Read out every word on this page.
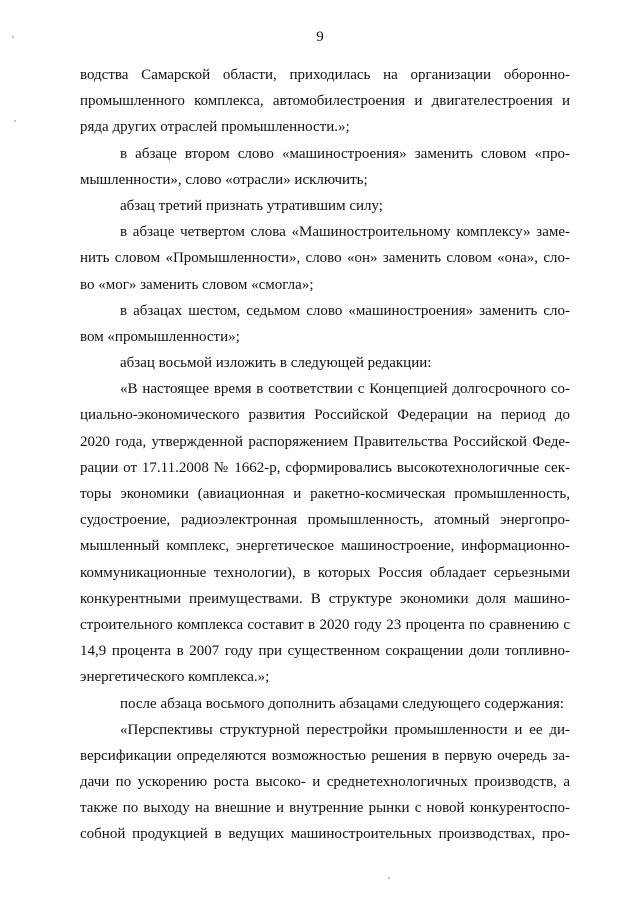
9
водства Самарской области, приходилась на организации оборонно-
промышленного комплекса, автомобилестроения и двигателестроения и
ряда других отраслей промышленности.»;
в абзаце втором слово «машиностроения» заменить словом «про-
мышленности», слово «отрасли» исключить;
абзац третий признать утратившим силу;
в абзаце четвертом слова «Машиностроительному комплексу» заме-
нить словом «Промышленности», слово «он» заменить словом «она», сло-
во «мог» заменить словом «смогла»;
в абзацах шестом, седьмом слово «машиностроения» заменить сло-
вом «промышленности»;
абзац восьмой изложить в следующей редакции:
«В настоящее время в соответствии с Концепцией долгосрочного со-
циально-экономического развития Российской Федерации на период до
2020 года, утвержденной распоряжением Правительства Российской Феде-
рации от 17.11.2008 № 1662-р, сформировались высокотехнологичные сек-
торы экономики (авиационная и ракетно-космическая промышленность,
судостроение, радиоэлектронная промышленность, атомный энергопро-
мышленный комплекс, энергетическое машиностроение, информационно-
коммуникационные технологии), в которых Россия обладает серьезными
конкурентными преимуществами. В структуре экономики доля машино-
строительного комплекса составит в 2020 году 23 процента по сравнению с
14,9 процента в 2007 году при существенном сокращении доли топливно-
энергетического комплекса.»;
после абзаца восьмого дополнить абзацами следующего содержания:
«Перспективы структурной перестройки промышленности и ее ди-
версификации определяются возможностью решения в первую очередь за-
дачи по ускорению роста высоко- и среднетехнологичных производств, а
также по выходу на внешние и внутренние рынки с новой конкурентоспо-
собной продукцией в ведущих машиностроительных производствах, про-
